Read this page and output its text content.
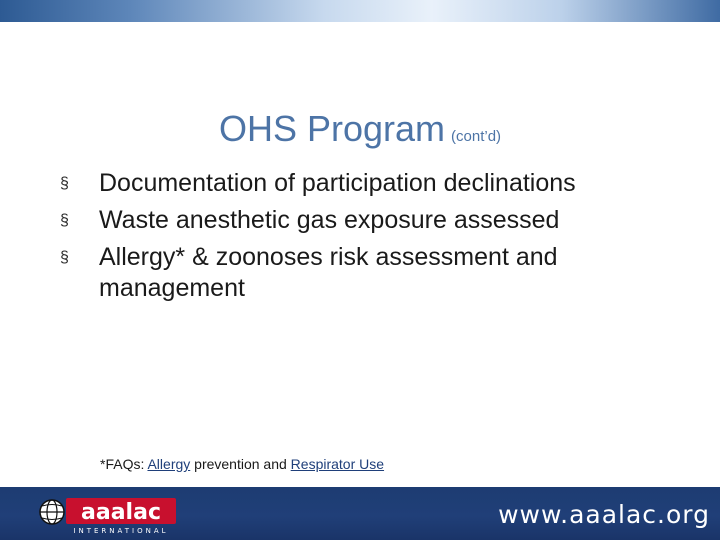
OHS Program (cont’d)
§ Documentation of participation declinations
§ Waste anesthetic gas exposure assessed
§ Allergy* & zoonoses risk assessment and management
*FAQs: Allergy prevention and Respirator Use
aaalac
INTERNATIONAL
www.aaalac.org
